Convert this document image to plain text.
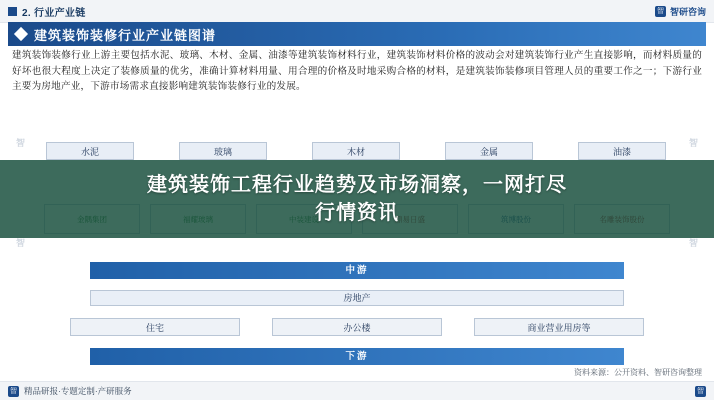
2. 行业产业链	智 智研咨询
建筑装饰装修行业产业链图谱
建筑装饰装修行业上游主要包括水泥、玻璃、木材、金属、油漆等建筑装饰材料行业，建筑装饰材料价格的波动会对建筑装饰行业产生直接影响，而材料质量的好坏也很大程度上决定了装修质量的优劣，准确计算材料用量、用合理的价格及时地采购合格的材料，是建筑装饰装修项目管理人员的重要工作之一；下游行业主要为房地产业，下游市场需求直接影响建筑装饰装修行业的发展。
水泥	玻璃	木材	金属	油漆
中游
房地产
住宅	办公楼	商业营业用房等
下游
智	智
智	智
建筑装饰工程行业趋势及市场洞察，一网打尽
行情资讯
资料来源：公开资料、智研咨询整理
智 精品研报·专题定制·产研服务	智
